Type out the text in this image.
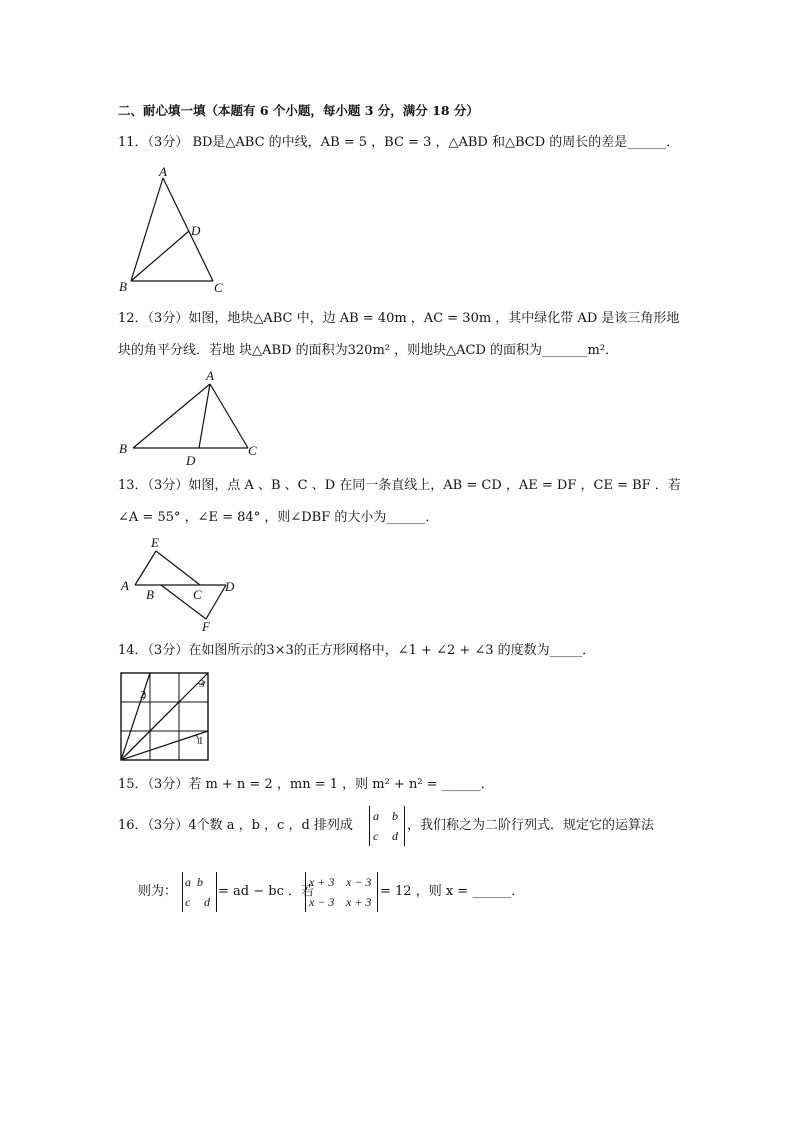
二、耐心填一填（本题有 6 个小题，每小题 3 分，满分 18 分）
11．（3分） BD是△ABC 的中线，AB = 5 ，BC = 3 ，△ABD 和△BCD 的周长的差是______．
A
B	C
D
12．（3分）如图，地块△ABC 中，边 AB = 40m ，AC = 30m ，其中绿化带 AD 是该三角形地
块的角平分线．若地 块△ABD 的面积为320m² ，则地块△ACD 的面积为_______m²．
A
B	C
D
13．（3分）如图，点 A 、B 、C 、D 在同一条直线上，AB = CD ，AE = DF ，CE = BF ．若
∠A = 55° ，∠E = 84° ，则∠DBF 的大小为______．
E
A
B	C
D
F
14．（3分）在如图所示的3×3的正方形网格中，∠1 + ∠2 + ∠3 的度数为_____．
2
3
1
15．（3分）若 m + n = 2 ，mn = 1 ，则 m² + n² = ______．
16．（3分）4个数 a ，b ，c ，d 排列成
a b
c d
，我们称之为二阶行列式．规定它的运算法
则为：
a b
c d
= ad − bc ．若
x + 3 x − 3
x − 3 x + 3
= 12 ，则 x = ______．
